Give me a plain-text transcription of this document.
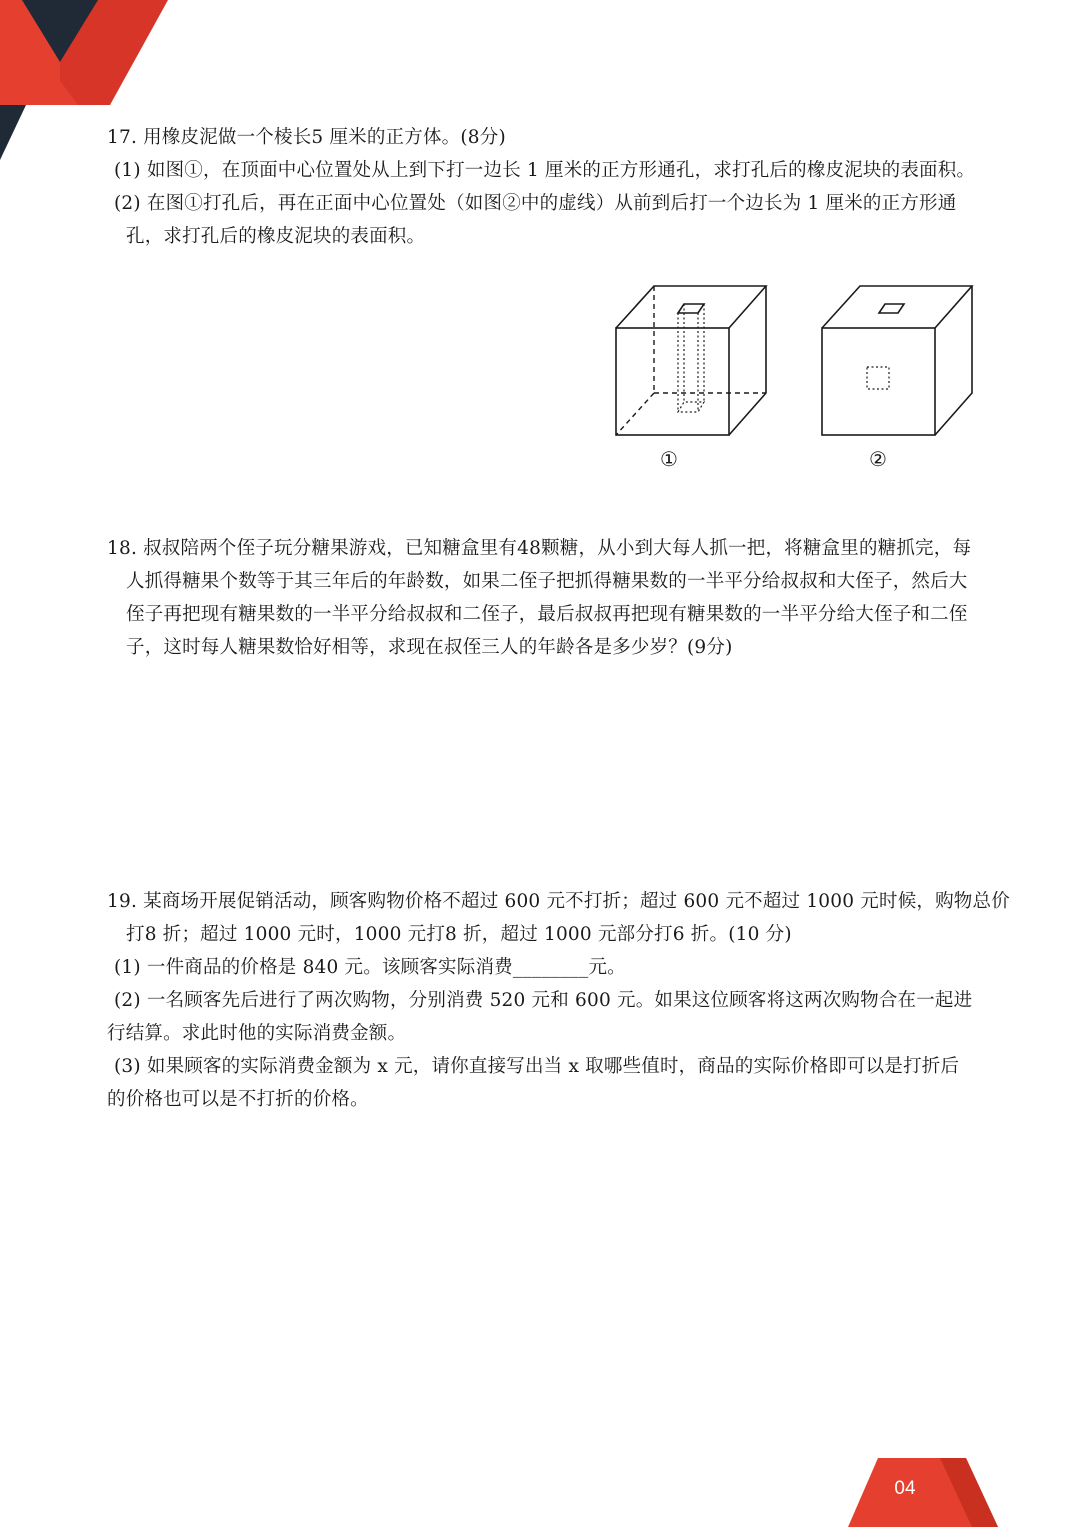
17. 用橡皮泥做一个棱长5 厘米的正方体。(8分)
(1) 如图①，在顶面中心位置处从上到下打一边长 1 厘米的正方形通孔，求打孔后的橡皮泥块的表面积。
(2) 在图①打孔后，再在正面中心位置处（如图②中的虚线）从前到后打一个边长为 1 厘米的正方形通
孔，求打孔后的橡皮泥块的表面积。
①	②
18. 叔叔陪两个侄子玩分糖果游戏，已知糖盒里有48颗糖，从小到大每人抓一把，将糖盒里的糖抓完，每
人抓得糖果个数等于其三年后的年龄数，如果二侄子把抓得糖果数的一半平分给叔叔和大侄子，然后大
侄子再把现有糖果数的一半平分给叔叔和二侄子，最后叔叔再把现有糖果数的一半平分给大侄子和二侄
子，这时每人糖果数恰好相等，求现在叔侄三人的年龄各是多少岁？(9分)
19. 某商场开展促销活动，顾客购物价格不超过 600 元不打折；超过 600 元不超过 1000 元时候，购物总价
打8 折；超过 1000 元时，1000 元打8 折，超过 1000 元部分打6 折。(10 分)
(1) 一件商品的价格是 840 元。该顾客实际消费________元。
(2) 一名顾客先后进行了两次购物，分别消费 520 元和 600 元。如果这位顾客将这两次购物合在一起进
行结算。求此时他的实际消费金额。
(3) 如果顾客的实际消费金额为 x 元，请你直接写出当 x 取哪些值时，商品的实际价格即可以是打折后
的价格也可以是不打折的价格。
04
